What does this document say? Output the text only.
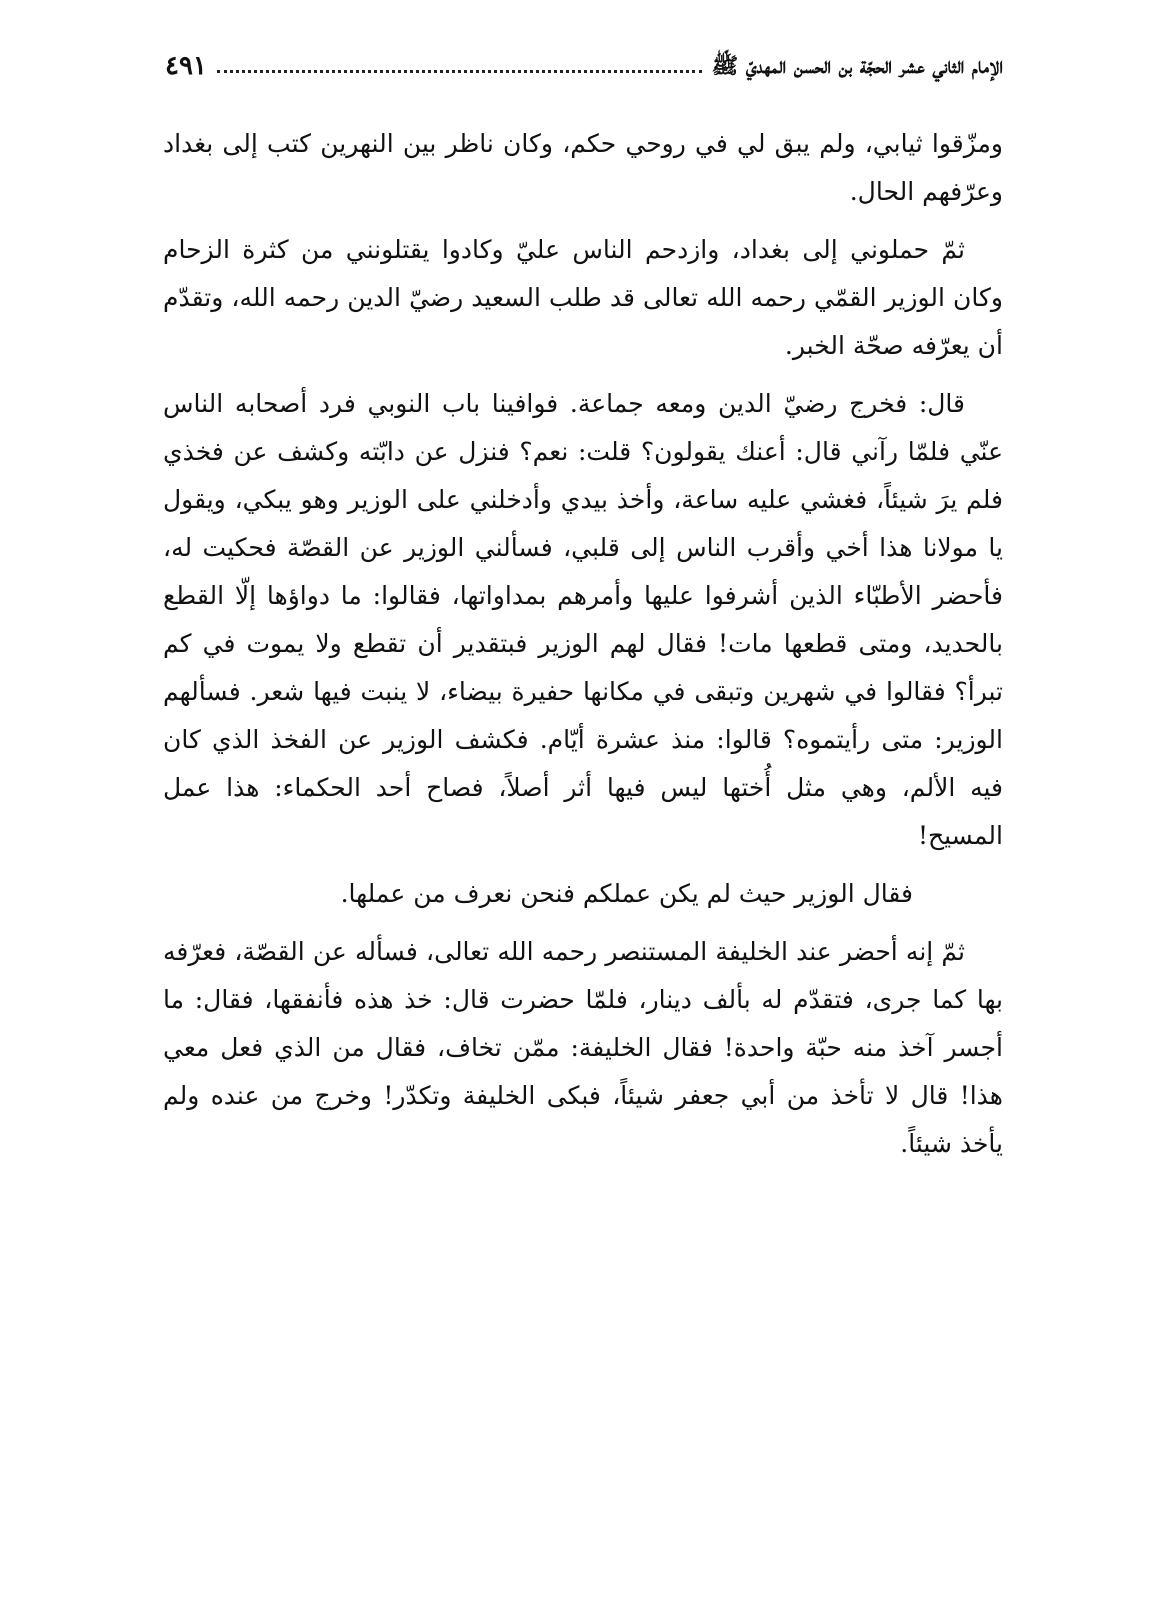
الإمام الثاني عشر الحجّة بن الحسن المهديّ ﷺ
٤٩١

ومزّقوا ثيابي، ولم يبق لي في روحي حكم، وكان ناظر بين النهرين كتب إلى بغداد وعرّفهم الحال.

ثمّ حملوني إلى بغداد، وازدحم الناس عليّ وكادوا يقتلونني من كثرة الزحام وكان الوزير القمّي رحمه الله تعالى قد طلب السعيد رضيّ الدين رحمه الله، وتقدّم أن يعرّفه صحّة الخبر.

قال: فخرج رضيّ الدين ومعه جماعة. فوافينا باب النوبي فرد أصحابه الناس عنّي فلمّا رآني قال: أعنك يقولون؟ قلت: نعم؟ فنزل عن دابّته وكشف عن فخذي فلم يرَ شيئاً، فغشي عليه ساعة، وأخذ بيدي وأدخلني على الوزير وهو يبكي، ويقول يا مولانا هذا أخي وأقرب الناس إلى قلبي، فسألني الوزير عن القصّة فحكيت له، فأحضر الأطبّاء الذين أشرفوا عليها وأمرهم بمداواتها، فقالوا: ما دواؤها إلّا القطع بالحديد، ومتى قطعها مات! فقال لهم الوزير فبتقدير أن تقطع ولا يموت في كم تبرأ؟ فقالوا في شهرين وتبقى في مكانها حفيرة بيضاء، لا ينبت فيها شعر. فسألهم الوزير: متى رأيتموه؟ قالوا: منذ عشرة أيّام. فكشف الوزير عن الفخذ الذي كان فيه الألم، وهي مثل أُختها ليس فيها أثر أصلاً، فصاح أحد الحكماء: هذا عمل المسيح!

فقال الوزير حيث لم يكن عملكم فنحن نعرف من عملها.

ثمّ إنه أحضر عند الخليفة المستنصر رحمه الله تعالى، فسأله عن القصّة، فعرّفه بها كما جرى، فتقدّم له بألف دينار، فلمّا حضرت قال: خذ هذه فأنفقها، فقال: ما أجسر آخذ منه حبّة واحدة! فقال الخليفة: ممّن تخاف، فقال من الذي فعل معي هذا! قال لا تأخذ من أبي جعفر شيئاً، فبكى الخليفة وتكدّر! وخرج من عنده ولم يأخذ شيئاً.
